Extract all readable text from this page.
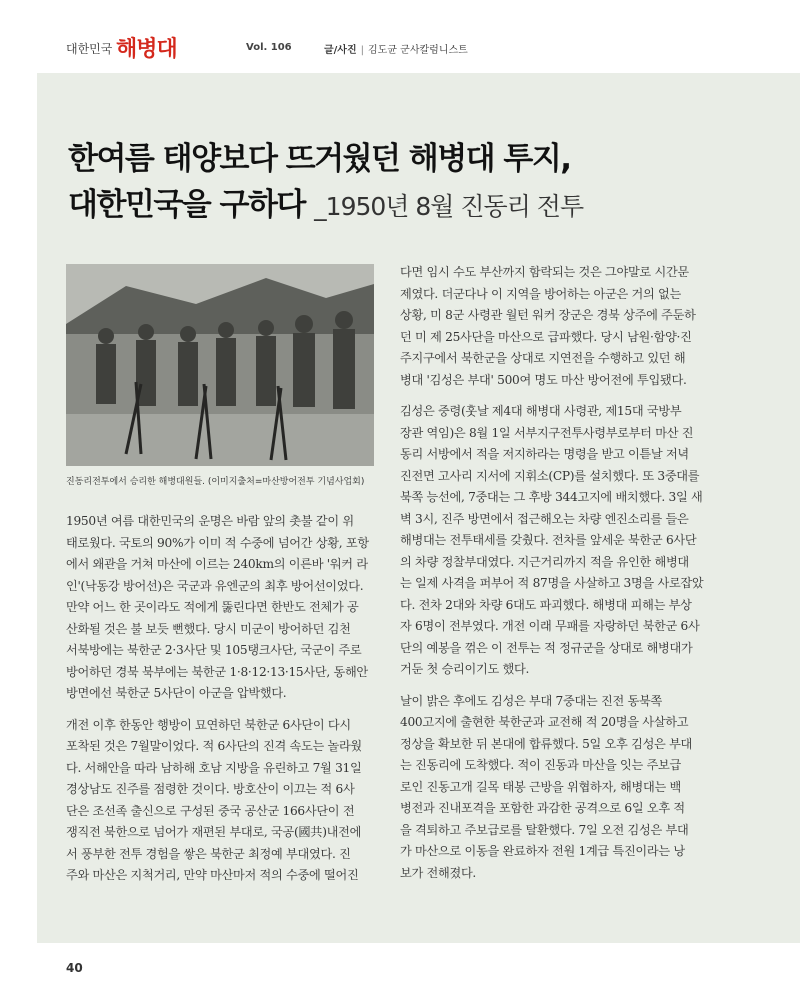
대한민국 해병대	Vol. 106	글/사진 | 김도균 군사칼럼니스트
한여름 태양보다 뜨거웠던 해병대 투지,
대한민국을 구하다 _1950년 8월 진동리 전투
진동리전투에서 승리한 해병대원들. (이미지출처=마산방어전투 기념사업회)

1950년 여름 대한민국의 운명은 바람 앞의 촛불 같이 위

태로웠다. 국토의 90%가 이미 적 수중에 넘어간 상황, 포항

에서 왜관을 거쳐 마산에 이르는 240km의 이른바 '워커 라

인'(낙동강 방어선)은 국군과 유엔군의 최후 방어선이었다.

만약 어느 한 곳이라도 적에게 뚫린다면 한반도 전체가 공

산화될 것은 불 보듯 뻔했다. 당시 미군이 방어하던 김천

서북방에는 북한군 2·3사단 및 105탱크사단, 국군이 주로

방어하던 경북 북부에는 북한군 1·8·12·13·15사단, 동해안

방면에선 북한군 5사단이 아군을 압박했다.

개전 이후 한동안 행방이 묘연하던 북한군 6사단이 다시

포착된 것은 7월말이었다. 적 6사단의 진격 속도는 놀라웠

다. 서해안을 따라 남하해 호남 지방을 유린하고 7월 31일

경상남도 진주를 점령한 것이다. 방호산이 이끄는 적 6사

단은 조선족 출신으로 구성된 중국 공산군 166사단이 전

쟁직전 북한으로 넘어가 재편된 부대로, 국공(國共)내전에

서 풍부한 전투 경험을 쌓은 북한군 최정예 부대였다. 진

주와 마산은 지척거리, 만약 마산마저 적의 수중에 떨어진

다면 임시 수도 부산까지 함락되는 것은 그야말로 시간문

제였다. 더군다나 이 지역을 방어하는 아군은 거의 없는

상황, 미 8군 사령관 월턴 워커 장군은 경북 상주에 주둔하

던 미 제 25사단을 마산으로 급파했다. 당시 남원·함양·진

주지구에서 북한군을 상대로 지연전을 수행하고 있던 해

병대 '김성은 부대' 500여 명도 마산 방어전에 투입됐다.

김성은 중령(훗날 제4대 해병대 사령관, 제15대 국방부

장관 역임)은 8월 1일 서부지구전투사령부로부터 마산 진

동리 서방에서 적을 저지하라는 명령을 받고 이튿날 저녁

진전면 고사리 지서에 지휘소(CP)를 설치했다. 또 3중대를

북쪽 능선에, 7중대는 그 후방 344고지에 배치했다. 3일 새

벽 3시, 진주 방면에서 접근해오는 차량 엔진소리를 들은

해병대는 전투태세를 갖췄다. 전차를 앞세운 북한군 6사단

의 차량 정찰부대였다. 지근거리까지 적을 유인한 해병대

는 일제 사격을 퍼부어 적 87명을 사살하고 3명을 사로잡았

다. 전차 2대와 차량 6대도 파괴했다. 해병대 피해는 부상

자 6명이 전부였다. 개전 이래 무패를 자랑하던 북한군 6사

단의 예봉을 꺾은 이 전투는 적 정규군을 상대로 해병대가

거둔 첫 승리이기도 했다.

날이 밝은 후에도 김성은 부대 7중대는 진전 동북쪽

400고지에 출현한 북한군과 교전해 적 20명을 사살하고

정상을 확보한 뒤 본대에 합류했다. 5일 오후 김성은 부대

는 진동리에 도착했다. 적이 진동과 마산을 잇는 주보급

로인 진동고개 길목 태봉 근방을 위협하자, 해병대는 백

병전과 진내포격을 포함한 과감한 공격으로 6일 오후 적

을 격퇴하고 주보급로를 탈환했다. 7일 오전 김성은 부대

가 마산으로 이동을 완료하자 전원 1계급 특진이라는 낭

보가 전해졌다.

40
